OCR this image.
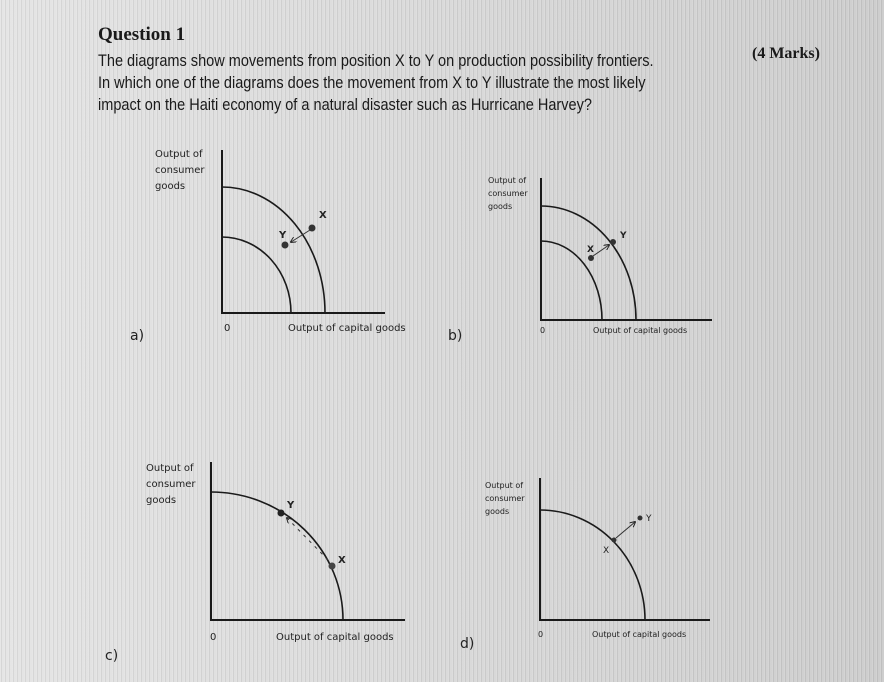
Question 1
(4 Marks)
The diagrams show movements from position X to Y on production possibility frontiers. In which one of the diagrams does the movement from X to Y illustrate the most likely impact on the Haiti economy of a natural disaster such as Hurricane Harvey?
Output of
consumer
goods
X
Y
0	Output of capital goods
a)
Output of
consumer
goods
X
Y
0	Output of capital goods
b)
Output of
consumer
goods	Y
X
0	Output of capital goods
c)
Output of
consumer
goods
X
Y
0	Output of capital goods
d)
